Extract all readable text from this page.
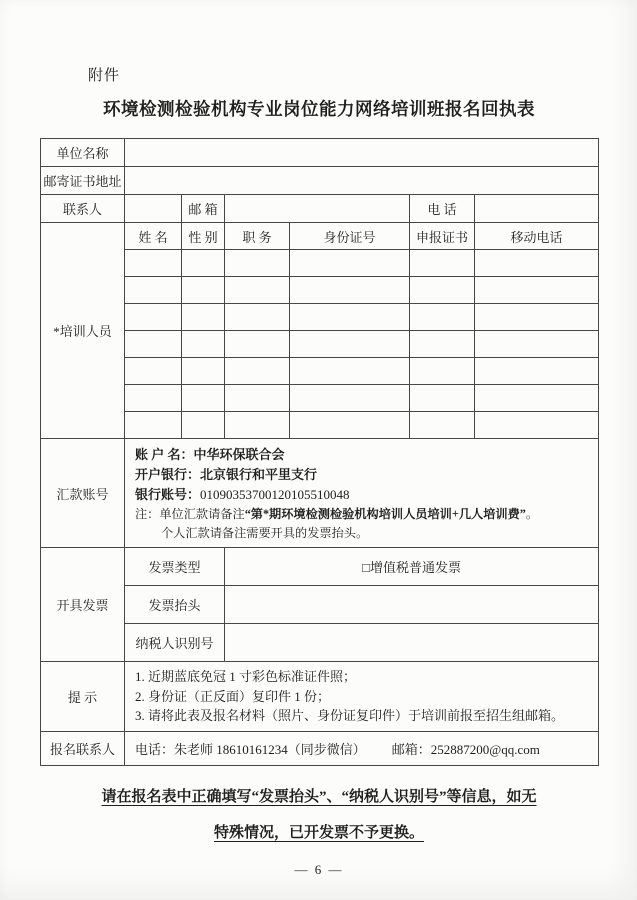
附件
环境检测检验机构专业岗位能力网络培训班报名回执表
单位名称						
邮寄证书地址						
联系人		邮 箱			电 话	
*培训人员	姓 名	性 别	职 务	身份证号	申报证书	移动电话

汇款账号	账 户 名：中华环保联合会
开户银行：北京银行和平里支行
银行账号：01090353700120105510048
注：单位汇款请备注“第*期环境检测检验机构培训人员培训+几人培训费”。
个人汇款请备注需要开具的发票抬头。					

开具发票	发票类型		□增值税普通发票			
	发票抬头					
	纳税人识别号					
提 示	1. 近期蓝底免冠 1 寸彩色标准证件照；
2. 身份证（正反面）复印件 1 份；
3. 请将此表及报名材料（照片、身份证复印件）于培训前报至招生组邮箱。					

报名联系人	电话：朱老师 18610161234（同步微信） 邮箱：252887200@qq.com					
请在报名表中正确填写“发票抬头”、“纳税人识别号”等信息，如无
特殊情况，已开发票不予更换。
— 6 —
